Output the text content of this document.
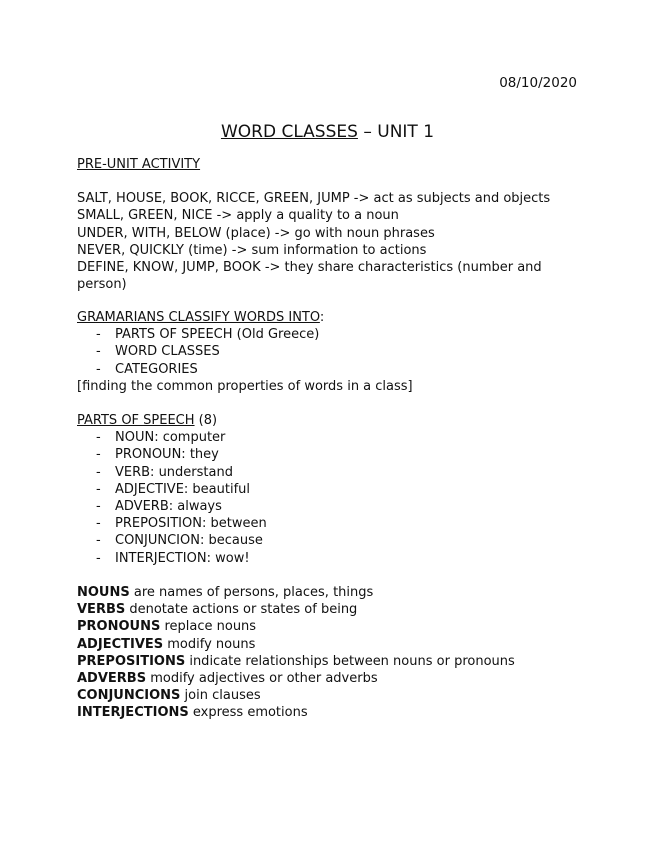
08/10/2020
WORD CLASSES – UNIT 1
PRE-UNIT ACTIVITY
SALT, HOUSE, BOOK, RICCE, GREEN, JUMP -> act as subjects and objects
SMALL, GREEN, NICE -> apply a quality to a noun
UNDER, WITH, BELOW (place) -> go with noun phrases
NEVER, QUICKLY (time) -> sum information to actions
DEFINE, KNOW, JUMP, BOOK -> they share characteristics (number and person)
GRAMARIANS CLASSIFY WORDS INTO:
- PARTS OF SPEECH (Old Greece)
- WORD CLASSES
- CATEGORIES
[finding the common properties of words in a class]
PARTS OF SPEECH (8)
- NOUN: computer
- PRONOUN: they
- VERB: understand
- ADJECTIVE: beautiful
- ADVERB: always
- PREPOSITION: between
- CONJUNCION: because
- INTERJECTION: wow!
NOUNS are names of persons, places, things
VERBS denotate actions or states of being
PRONOUNS replace nouns
ADJECTIVES modify nouns
PREPOSITIONS indicate relationships between nouns or pronouns
ADVERBS modify adjectives or other adverbs
CONJUNCIONS join clauses
INTERJECTIONS express emotions
